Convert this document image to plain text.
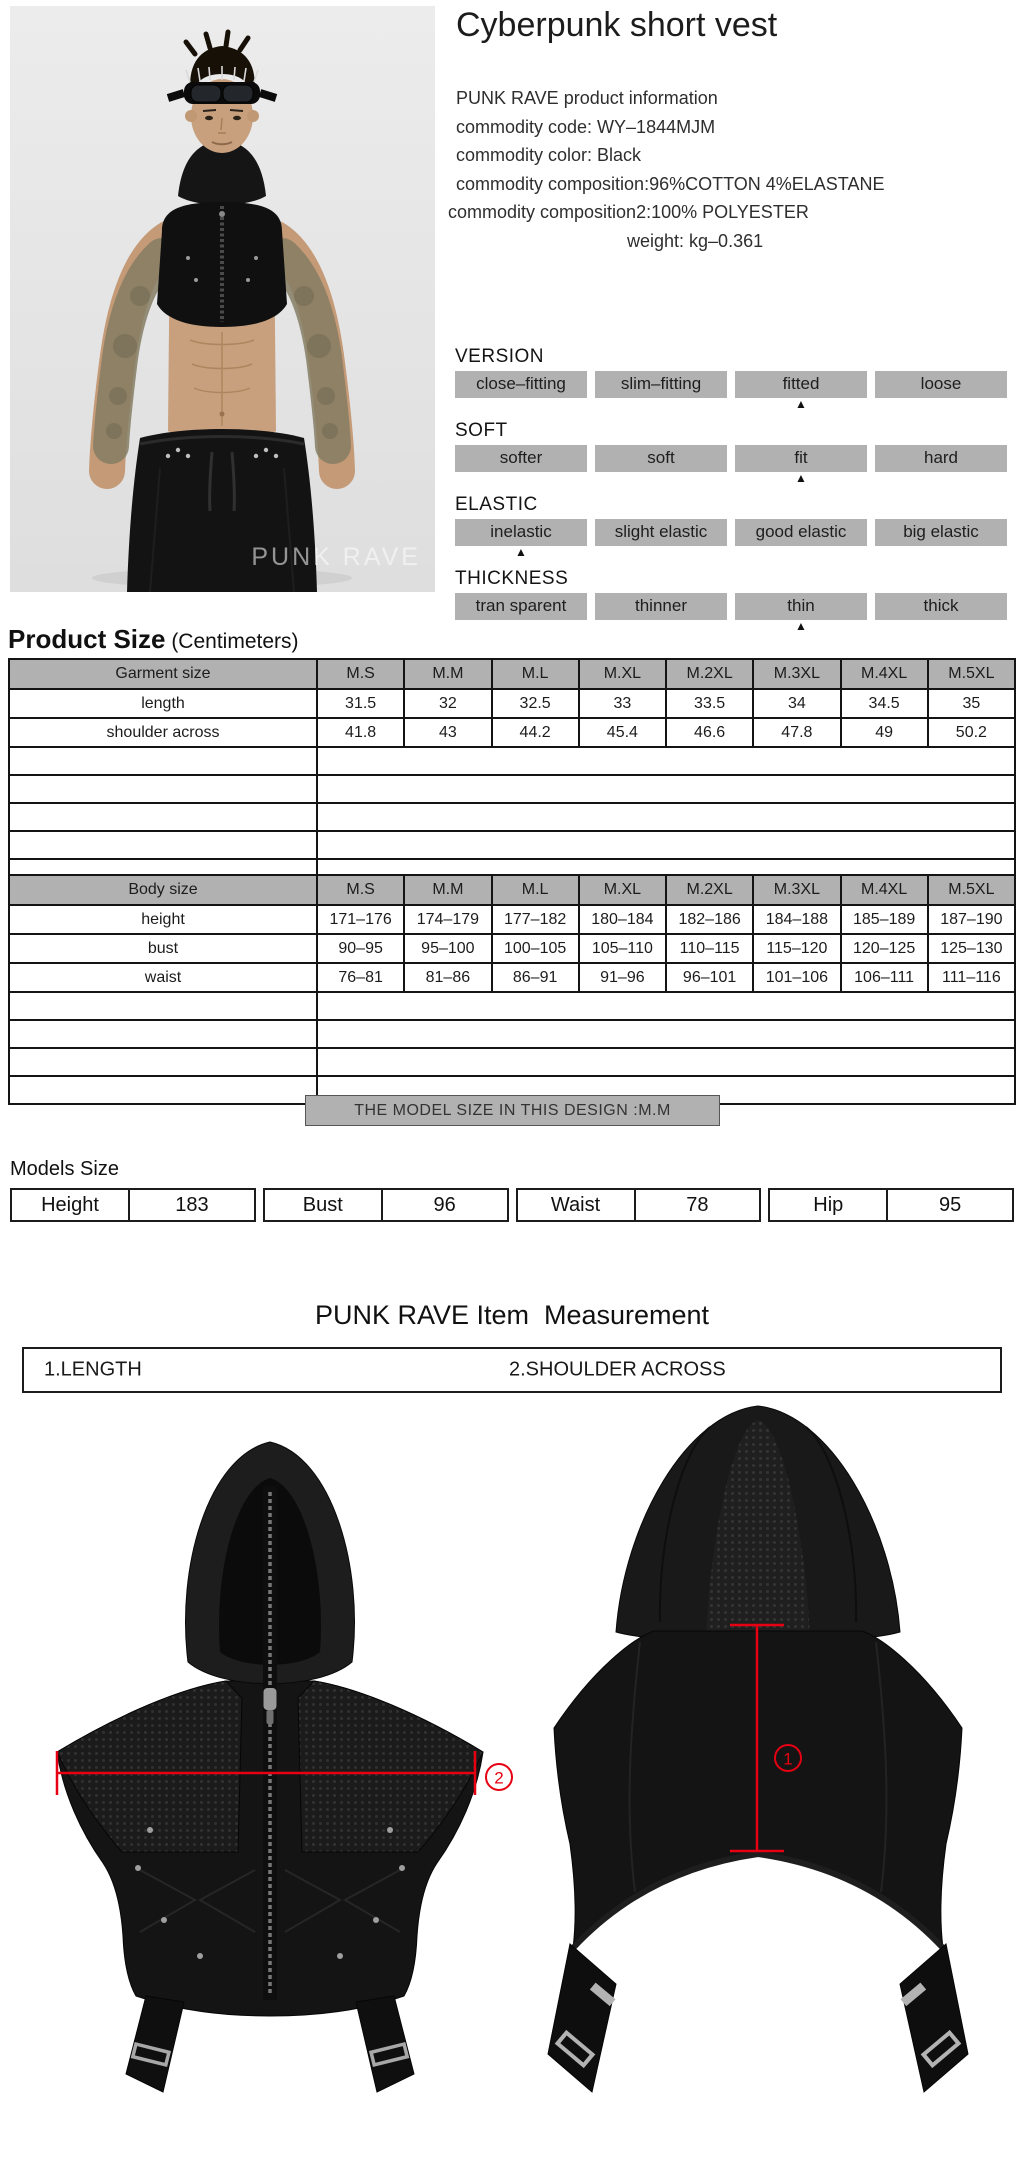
PUNK RAVE
Cyberpunk short vest
PUNK RAVE product information
commodity code: WY–1844MJM
commodity color: Black
commodity composition:96%COTTON 4%ELASTANE
commodity composition2:100% POLYESTER
weight: kg–0.361
VERSION
close–fitting	slim–fitting	fitted
▲
loose
SOFT
softer	soft	fit
▲
hard
ELASTIC
inelastic
▲
slight elastic	good elastic	big elastic
THICKNESS
tran sparent	thinner	thin
▲
thick
Product Size (Centimeters)
Garment size	M.S	M.M	M.L	M.XL	M.2XL	M.3XL	M.4XL	M.5XL
length	31.5	32	32.5	33	33.5	34	34.5	35
shoulder across	41.8	43	44.2	45.4	46.6	47.8	49	50.2

Body size	M.S	M.M	M.L	M.XL	M.2XL	M.3XL	M.4XL	M.5XL
height	171–176	174–179	177–182	180–184	182–186	184–188	185–189	187–190
bust	90–95	95–100	100–105	105–110	110–115	115–120	120–125	125–130
waist	76–81	81–86	86–91	91–96	96–101	101–106	106–111	111–116

THE MODEL SIZE IN THIS DESIGN :M.M
Models Size
Height	183	Bust	96	Waist	78	Hip	95
PUNK RAVE Item  Measurement
1.LENGTH	2.SHOULDER ACROSS
2
1
